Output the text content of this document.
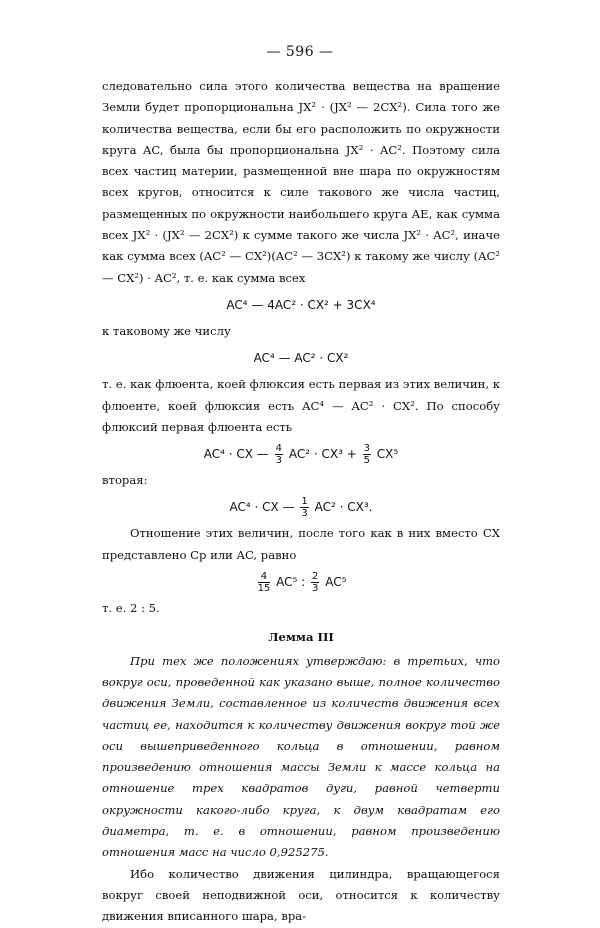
— 596 —

следовательно сила этого количества вещества на вращение Земли будет пропорциональна JX² · (JX² — 2CX²). Сила того же количества вещества, если бы его расположить по окружности круга AC, была бы пропорциональна JX² · AC². Поэтому сила всех частиц материи, размещенной вне шара по окружностям всех кругов, относится к силе такового же числа частиц, размещенных по окружности наибольшего круга AE, как сумма всех JX² · (JX² — 2CX²) к сумме такого же числа JX² · AC², иначе как сумма всех (AC² — CX²)(AC² — 3CX²) к такому же числу (AC² — CX²) · AC², т. е. как сумма всех

AC⁴ — 4AC² · CX² + 3CX⁴

к таковому же числу

AC⁴ — AC² · CX²

т. е. как флюента, коей флюксия есть первая из этих величин, к флюенте, коей флюксия есть AC⁴ — AC² · CX². По способу флюксий первая флюента есть

AC⁴ · CX — $\frac{4}{3} AC^2 \cdot CX^3 + \frac{3}{5} CX^5$

вторая:

AC⁴ · CX — $\frac{1}{3} AC^2 \cdot CX^3$.

Отношение этих величин, после того как в них вместо CX представлено Cp или AC, равно

$\frac{4}{15} AC^5$ : $\frac{2}{3} AC^5$

т. е. 2 : 5.

Лемма III

При тех же положениях утверждаю: в третьих, что вокруг оси, проведенной как указано выше, полное количество движения Земли, составленное из количеств движения всех частиц ее, находится к количеству движения вокруг той же оси вышеприведенного кольца в отношении, равном произведению отношения массы Земли к массе кольца на отношение трех квадратов дуги, равной четверти окружности какого-либо круга, к двум квадратам его диаметра, т. е. в отношении, равном произведению отношения масс на число 0,925275.

Ибо количество движения цилиндра, вращающегося вокруг своей неподвижной оси, относится к количеству движения вписанного шара, вра-
